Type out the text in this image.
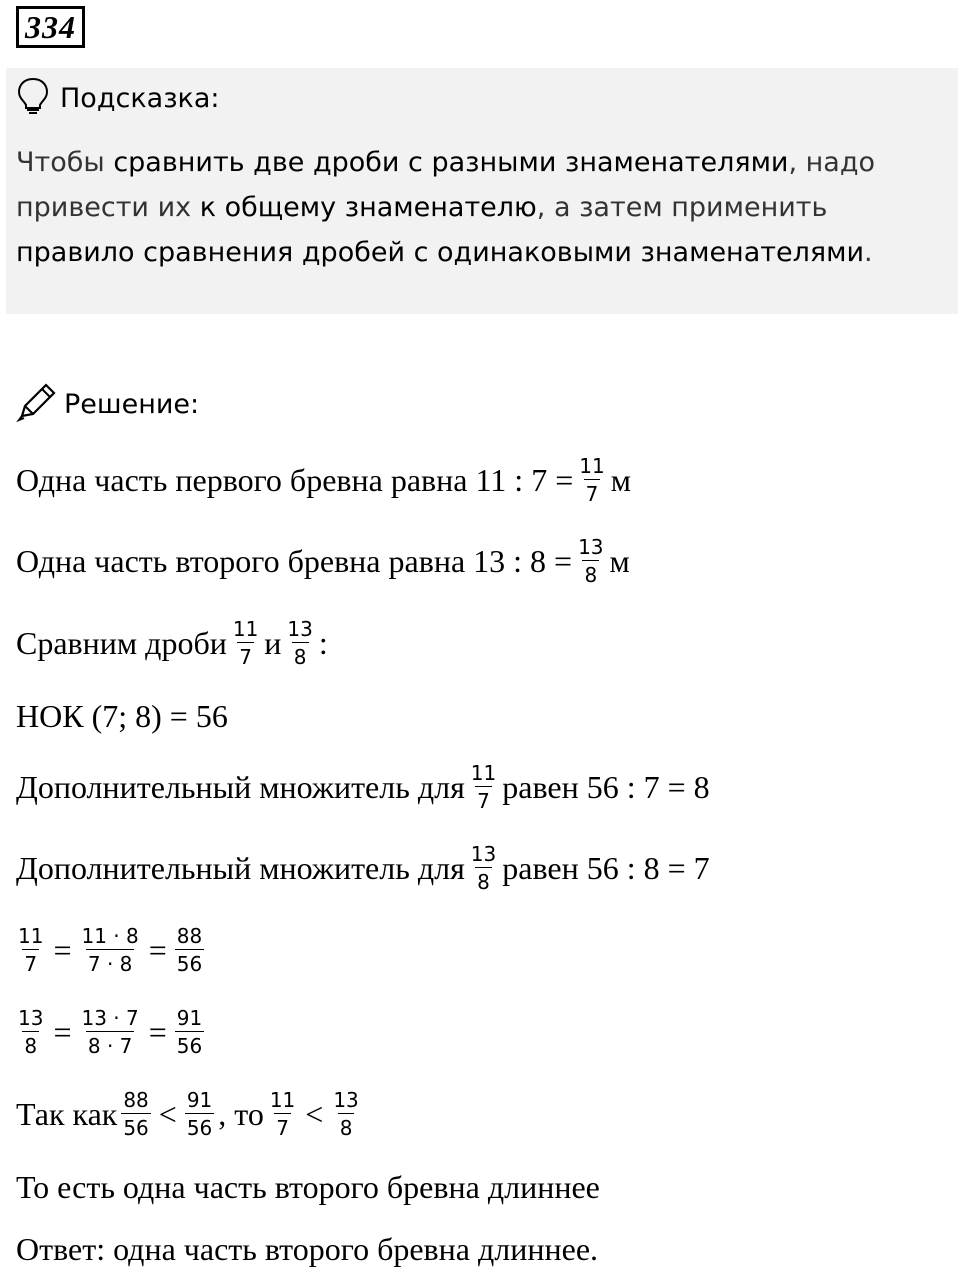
334
Подсказка:
Чтобы сравнить две дроби с разными знаменателями, надо
привести их к общему знаменателю, а затем применить
правило сравнения дробей с одинаковыми знаменателями.
Решение:
Одна часть первого бревна равна 11 : $7 = \frac{11}{7}$ м
Одна часть второго бревна равна 13 : $8 = \frac{13}{8}$ м
Сравним дроби $\frac{11}{7}$ и $\frac{13}{8}$ :
НОК (7; 8) = 56
Дополнительный множитель для $\frac{11}{7}$ равен 56 : 7 = 8
Дополнительный множитель для $\frac{13}{8}$ равен 56 : 8 = 7
$\frac{11}{7} = \frac{11 \cdot 8}{7 \cdot 8} = \frac{88}{56}$
$\frac{13}{8} = \frac{13 \cdot 7}{8 \cdot 7} = \frac{91}{56}$
Так как $\frac{88}{56} < \frac{91}{56}$ , то $\frac{11}{7} < \frac{13}{8}$
То есть одна часть второго бревна длиннее
Ответ: одна часть второго бревна длиннее.
